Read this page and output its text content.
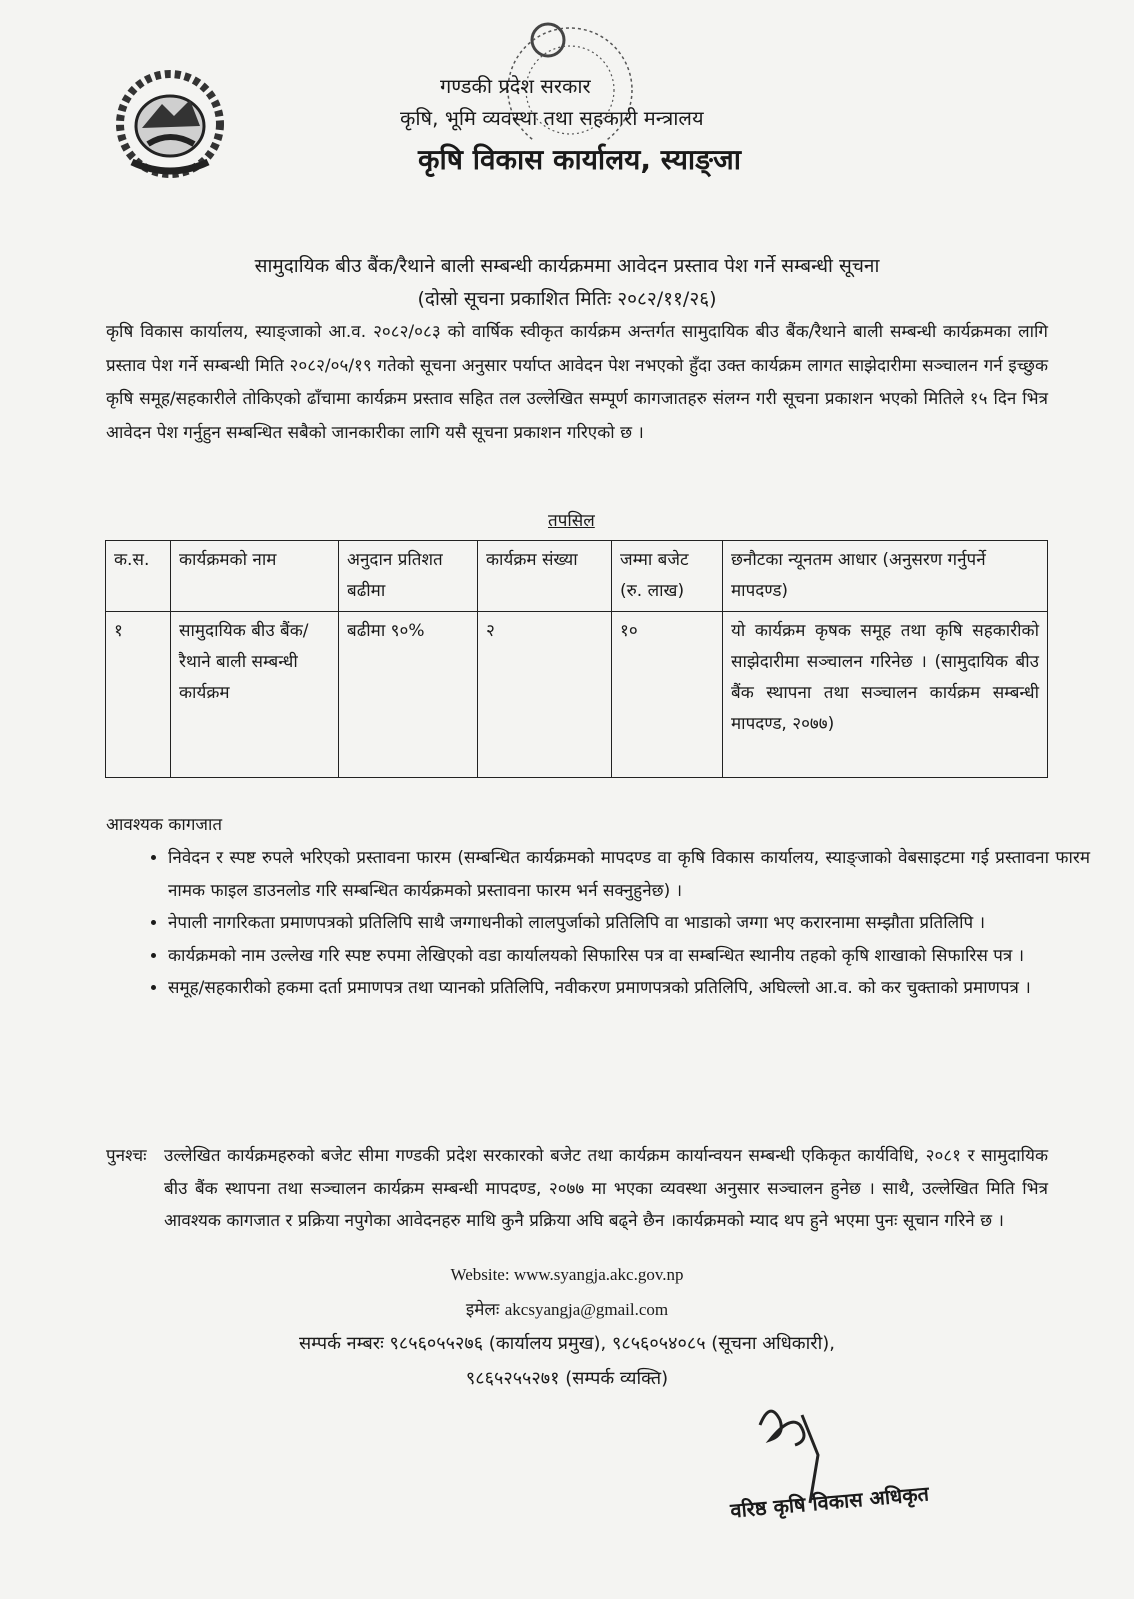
गण्डकी प्रदेश सरकार
कृषि, भूमि व्यवस्था तथा सहकारी मन्त्रालय
कृषि विकास कार्यालय, स्याङ्जा
सामुदायिक बीउ बैंक/रैथाने बाली सम्बन्धी कार्यक्रममा आवेदन प्रस्ताव पेश गर्ने सम्बन्धी सूचना
(दोस्रो सूचना प्रकाशित मितिः २०८२/११/२६)
कृषि विकास कार्यालय, स्याङ्जाको आ.व. २०८२/०८३ को वार्षिक स्वीकृत कार्यक्रम अन्तर्गत सामुदायिक बीउ बैंक/रैथाने बाली सम्बन्धी कार्यक्रमका लागि प्रस्ताव पेश गर्ने सम्बन्धी मिति २०८२/०५/१९ गतेको सूचना अनुसार पर्याप्त आवेदन पेश नभएको हुँदा उक्त कार्यक्रम लागत साझेदारीमा सञ्चालन गर्न इच्छुक कृषि समूह/सहकारीले तोकिएको ढाँचामा कार्यक्रम प्रस्ताव सहित तल उल्लेखित सम्पूर्ण कागजातहरु संलग्न गरी सूचना प्रकाशन भएको मितिले १५ दिन भित्र आवेदन पेश गर्नुहुन सम्बन्धित सबैको जानकारीका लागि यसै सूचना प्रकाशन गरिएको छ ।
तपसिल
क.स.	कार्यक्रमको नाम	अनुदान प्रतिशत बढीमा	कार्यक्रम संख्या	जम्मा बजेट (रु. लाख)	छनौटका न्यूनतम आधार (अनुसरण गर्नुपर्ने मापदण्ड)
१	सामुदायिक बीउ बैंक/रैथाने बाली सम्बन्धी कार्यक्रम	बढीमा ९०%	२	१०	यो कार्यक्रम कृषक समूह तथा कृषि सहकारीको साझेदारीमा सञ्चालन गरिनेछ । (सामुदायिक बीउ बैंक स्थापना तथा सञ्चालन कार्यक्रम सम्बन्धी मापदण्ड, २०७७)
आवश्यक कागजात
• निवेदन र स्पष्ट रुपले भरिएको प्रस्तावना फारम (सम्बन्धित कार्यक्रमको मापदण्ड वा कृषि विकास कार्यालय, स्याङ्जाको वेबसाइटमा गई प्रस्तावना फारम नामक फाइल डाउनलोड गरि सम्बन्धित कार्यक्रमको प्रस्तावना फारम भर्न सक्नुहुनेछ) ।
• नेपाली नागरिकता प्रमाणपत्रको प्रतिलिपि साथै जग्गाधनीको लालपुर्जाको प्रतिलिपि वा भाडाको जग्गा भए करारनामा सम्झौता प्रतिलिपि ।
• कार्यक्रमको नाम उल्लेख गरि स्पष्ट रुपमा लेखिएको वडा कार्यालयको सिफारिस पत्र वा सम्बन्धित स्थानीय तहको कृषि शाखाको सिफारिस पत्र ।
• समूह/सहकारीको हकमा दर्ता प्रमाणपत्र तथा प्यानको प्रतिलिपि, नवीकरण प्रमाणपत्रको प्रतिलिपि, अघिल्लो आ.व. को कर चुक्ताको प्रमाणपत्र ।
पुनश्चः उल्लेखित कार्यक्रमहरुको बजेट सीमा गण्डकी प्रदेश सरकारको बजेट तथा कार्यक्रम कार्यान्वयन सम्बन्धी एकिकृत कार्यविधि, २०८१ र सामुदायिक बीउ बैंक स्थापना तथा सञ्चालन कार्यक्रम सम्बन्धी मापदण्ड, २०७७ मा भएका व्यवस्था अनुसार सञ्चालन हुनेछ । साथै, उल्लेखित मिति भित्र आवश्यक कागजात र प्रक्रिया नपुगेका आवेदनहरु माथि कुनै प्रक्रिया अघि बढ्ने छैन ।कार्यक्रमको म्याद थप हुने भएमा पुनः सूचान गरिने छ ।
Website: www.syangja.akc.gov.np
इमेलः akcsyangja@gmail.com
सम्पर्क नम्बरः ९८५६०५५२७६ (कार्यालय प्रमुख), ९८५६०५४०८५ (सूचना अधिकारी),
९८६५२५५२७१ (सम्पर्क व्यक्ति)
वरिष्ठ कृषि विकास अधिकृत
